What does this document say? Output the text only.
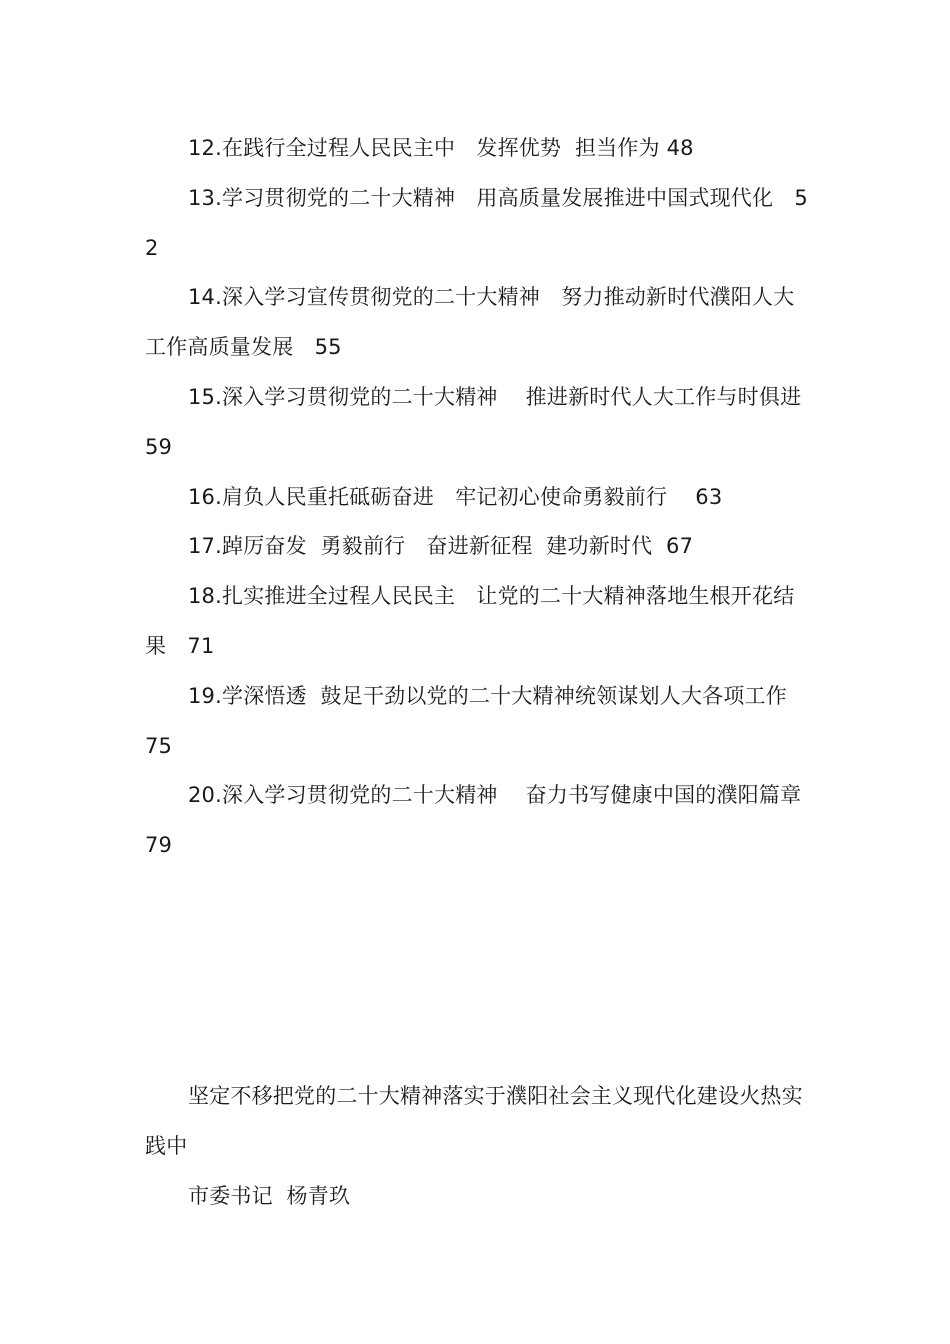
12.在践行全过程人民民主中　发挥优势  担当作为 48

13.学习贯彻党的二十大精神　用高质量发展推进中国式现代化　52

14.深入学习宣传贯彻党的二十大精神　努力推动新时代濮阳人大工作高质量发展　55

15.深入学习贯彻党的二十大精神　 推进新时代人大工作与时俱进  59

16.肩负人民重托砥砺奋进　牢记初心使命勇毅前行　 63

17.踔厉奋发  勇毅前行　奋进新征程  建功新时代  67

18.扎实推进全过程人民民主　让党的二十大精神落地生根开花结果　71

19.学深悟透  鼓足干劲以党的二十大精神统领谋划人大各项工作  75

20.深入学习贯彻党的二十大精神　 奋力书写健康中国的濮阳篇章  79

坚定不移把党的二十大精神落实于濮阳社会主义现代化建设火热实践中

市委书记  杨青玖
